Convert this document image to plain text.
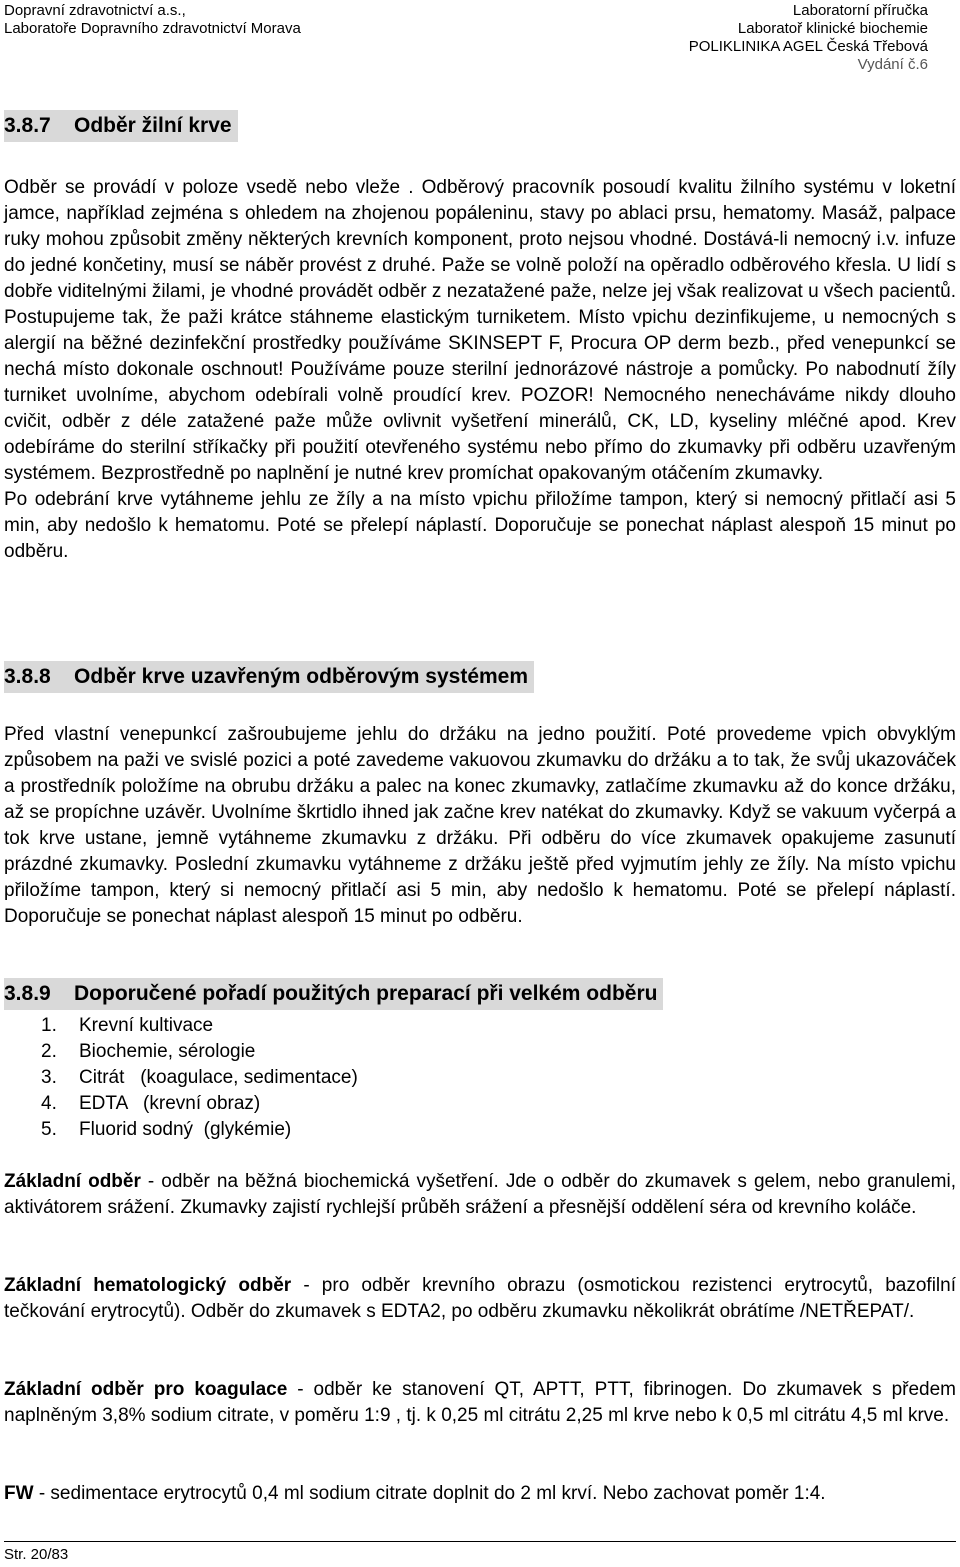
Dopravní zdravotnictví a.s.,
Laboratoře Dopravního zdravotnictví Morava
Laboratorní příručka
Laboratoř klinické biochemie
POLIKLINIKA AGEL Česká Třebová
Vydání č.6
3.8.7 Odběr žilní krve

Odběr se provádí v poloze vsedě nebo vleže . Odběrový pracovník posoudí kvalitu žilního systému v loketní jamce, například zejména s ohledem na zhojenou popáleninu, stavy po ablaci prsu, hematomy. Masáž, palpace ruky mohou způsobit změny některých krevních komponent, proto nejsou vhodné. Dostává-li nemocný i.v. infuze do jedné končetiny, musí se náběr provést z druhé. Paže se volně položí na opěradlo odběrového křesla. U lidí s dobře viditelnými žilami, je vhodné provádět odběr z nezatažené paže, nelze jej však realizovat u všech pacientů. Postupujeme tak, že paži krátce stáhneme elastickým turniketem. Místo vpichu dezinfikujeme, u nemocných s alergií na běžné dezinfekční prostředky používáme SKINSEPT F, Procura OP derm bezb., před venepunkcí se nechá místo dokonale oschnout! Používáme pouze sterilní jednorázové nástroje a pomůcky. Po nabodnutí žíly turniket uvolníme, abychom odebírali volně proudící krev. POZOR! Nemocného nenecháváme nikdy dlouho cvičit, odběr z déle zatažené paže může ovlivnit vyšetření minerálů, CK, LD, kyseliny mléčné apod. Krev odebíráme do sterilní stříkačky při použití otevřeného systému nebo přímo do zkumavky při odběru uzavřeným systémem. Bezprostředně po naplnění je nutné krev promíchat opakovaným otáčením zkumavky.

Po odebrání krve vytáhneme jehlu ze žíly a na místo vpichu přiložíme tampon, který si nemocný přitlačí asi 5 min, aby nedošlo k hematomu. Poté se přelepí náplastí. Doporučuje se ponechat náplast alespoň 15 minut po odběru.

3.8.8 Odběr krve uzavřeným odběrovým systémem

Před vlastní venepunkcí zašroubujeme jehlu do držáku na jedno použití. Poté provedeme vpich obvyklým způsobem na paži ve svislé pozici a poté zavedeme vakuovou zkumavku do držáku a to tak, že svůj ukazováček a prostředník položíme na obrubu držáku a palec na konec zkumavky, zatlačíme zkumavku až do konce držáku, až se propíchne uzávěr. Uvolníme škrtidlo ihned jak začne krev natékat do zkumavky. Když se vakuum vyčerpá a tok krve ustane, jemně vytáhneme zkumavku z držáku. Při odběru do více zkumavek opakujeme zasunutí prázdné zkumavky. Poslední zkumavku vytáhneme z držáku ještě před vyjmutím jehly ze žíly. Na místo vpichu přiložíme tampon, který si nemocný přitlačí asi 5 min, aby nedošlo k hematomu. Poté se přelepí náplastí. Doporučuje se ponechat náplast alespoň 15 minut po odběru.

3.8.9 Doporučené pořadí použitých preparací při velkém odběru
1. Krevní kultivace
2. Biochemie, sérologie
3. Citrát   (koagulace, sedimentace)
4. EDTA   (krevní obraz)
5. Fluorid sodný  (glykémie)

Základní odběr - odběr na běžná biochemická vyšetření. Jde o odběr do zkumavek s gelem, nebo granulemi, aktivátorem srážení. Zkumavky zajistí rychlejší průběh srážení a přesnější oddělení séra od krevního koláče.

Základní hematologický odběr - pro odběr krevního obrazu (osmotickou rezistenci erytrocytů, bazofilní tečkování erytrocytů). Odběr do zkumavek s EDTA2, po odběru zkumavku několikrát obrátíme /NETŘEPAT/.

Základní odběr pro koagulace - odběr ke stanovení QT, APTT, PTT, fibrinogen. Do zkumavek s předem naplněným 3,8% sodium citrate, v poměru 1:9 , tj. k 0,25 ml citrátu 2,25 ml krve nebo k 0,5 ml citrátu 4,5 ml krve.

FW - sedimentace erytrocytů 0,4 ml sodium citrate doplnit do 2 ml krví. Nebo zachovat poměr 1:4.

Str. 20/83
